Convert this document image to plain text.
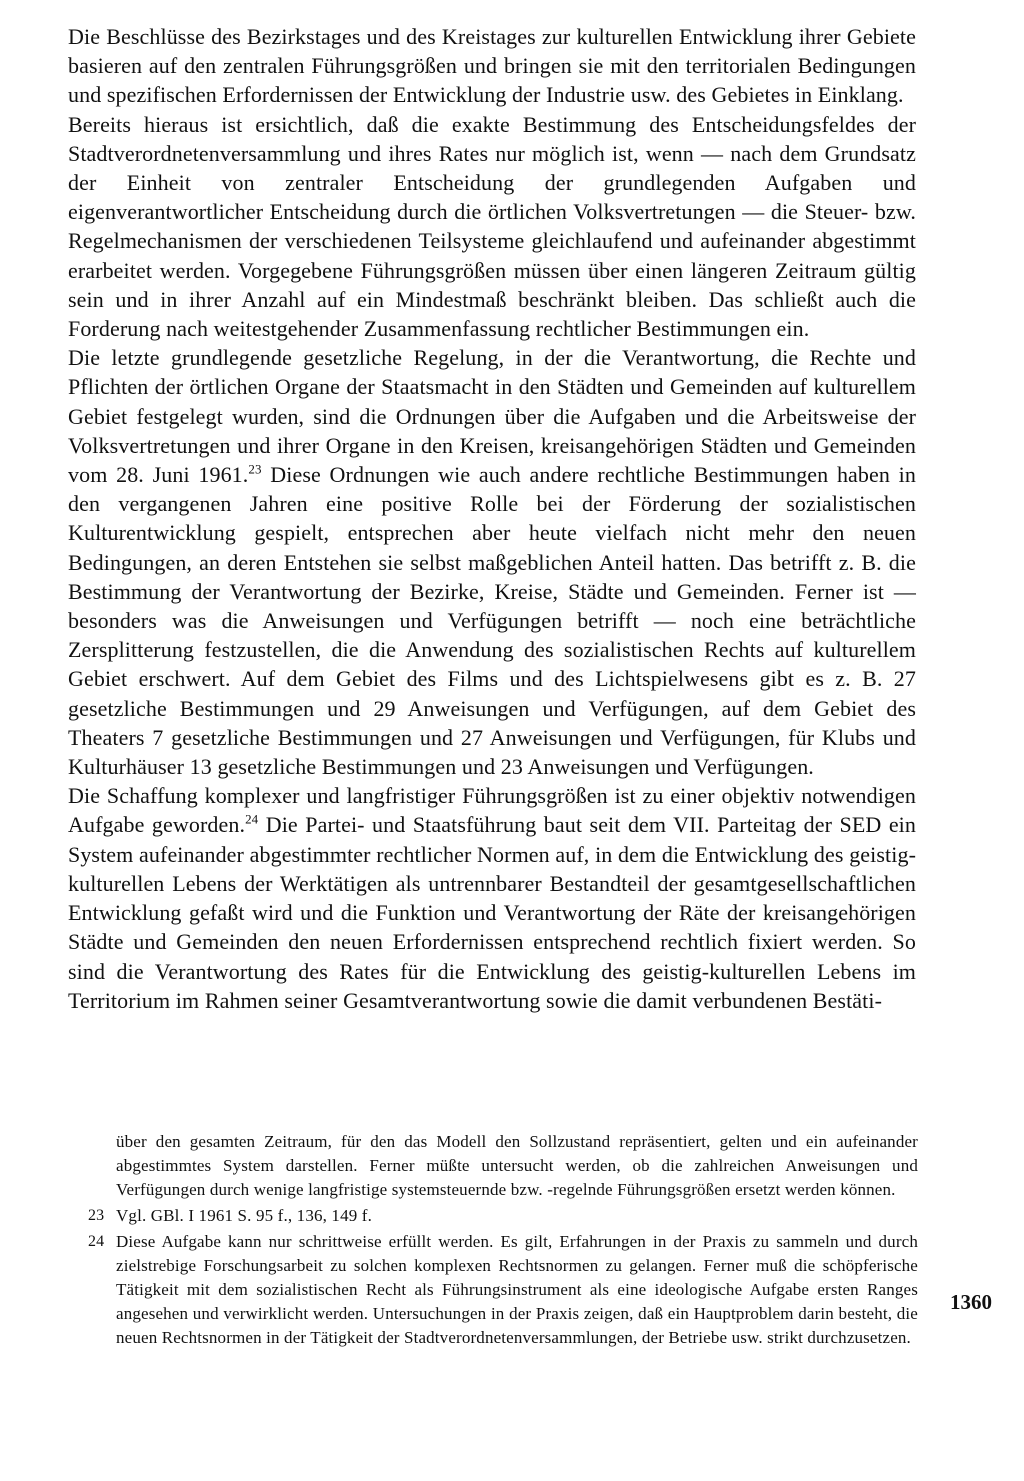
Die Beschlüsse des Bezirkstages und des Kreistages zur kulturellen Entwicklung ihrer Gebiete basieren auf den zentralen Führungsgrößen und bringen sie mit den territorialen Bedingungen und spezifischen Erfordernissen der Entwicklung der Industrie usw. des Gebietes in Einklang.

Bereits hieraus ist ersichtlich, daß die exakte Bestimmung des Entscheidungsfeldes der Stadtverordnetenversammlung und ihres Rates nur möglich ist, wenn — nach dem Grundsatz der Einheit von zentraler Entscheidung der grundlegenden Aufgaben und eigenverantwortlicher Entscheidung durch die örtlichen Volksvertretungen — die Steuer- bzw. Regelmechanismen der verschiedenen Teilsysteme gleichlaufend und aufeinander abgestimmt erarbeitet werden. Vorgegebene Führungsgrößen müssen über einen längeren Zeitraum gültig sein und in ihrer Anzahl auf ein Mindestmaß beschränkt bleiben. Das schließt auch die Forderung nach weitestgehender Zusammenfassung rechtlicher Bestimmungen ein.

Die letzte grundlegende gesetzliche Regelung, in der die Verantwortung, die Rechte und Pflichten der örtlichen Organe der Staatsmacht in den Städten und Gemeinden auf kulturellem Gebiet festgelegt wurden, sind die Ordnungen über die Aufgaben und die Arbeitsweise der Volksvertretungen und ihrer Organe in den Kreisen, kreisangehörigen Städten und Gemeinden vom 28. Juni 1961.23 Diese Ordnungen wie auch andere rechtliche Bestimmungen haben in den vergangenen Jahren eine positive Rolle bei der Förderung der sozialistischen Kulturentwicklung gespielt, entsprechen aber heute vielfach nicht mehr den neuen Bedingungen, an deren Entstehen sie selbst maßgeblichen Anteil hatten. Das betrifft z. B. die Bestimmung der Verantwortung der Bezirke, Kreise, Städte und Gemeinden. Ferner ist — besonders was die Anweisungen und Verfügungen betrifft — noch eine beträchtliche Zersplitterung festzustellen, die die Anwendung des sozialistischen Rechts auf kulturellem Gebiet erschwert. Auf dem Gebiet des Films und des Lichtspielwesens gibt es z. B. 27 gesetzliche Bestimmungen und 29 Anweisungen und Verfügungen, auf dem Gebiet des Theaters 7 gesetzliche Bestimmungen und 27 Anweisungen und Verfügungen, für Klubs und Kulturhäuser 13 gesetzliche Bestimmungen und 23 Anweisungen und Verfügungen.

Die Schaffung komplexer und langfristiger Führungsgrößen ist zu einer objektiv notwendigen Aufgabe geworden.$^{24}$ Die Partei- und Staatsführung baut seit dem VII. Parteitag der SED ein System aufeinander abgestimmter rechtlicher Normen auf, in dem die Entwicklung des geistig-kulturellen Lebens der Werktätigen als untrennbarer Bestandteil der gesamtgesellschaftlichen Entwicklung gefaßt wird und die Funktion und Verantwortung der Räte der kreisangehörigen Städte und Gemeinden den neuen Erfordernissen entsprechend rechtlich fixiert werden. So sind die Verantwortung des Rates für die Entwicklung des geistig-kulturellen Lebens im Territorium im Rahmen seiner Gesamtverantwortung sowie die damit verbundenen Bestäti-

über den gesamten Zeitraum, für den das Modell den Sollzustand repräsentiert, gelten und ein aufeinander abgestimmtes System darstellen. Ferner müßte untersucht werden, ob die zahlreichen Anweisungen und Verfügungen durch wenige langfristige systemsteuernde bzw. -regelnde Führungsgrößen ersetzt werden können.

23 Vgl. GBl. I 1961 S. 95 f., 136, 149 f.

24 Diese Aufgabe kann nur schrittweise erfüllt werden. Es gilt, Erfahrungen in der Praxis zu sammeln und durch zielstrebige Forschungsarbeit zu solchen komplexen Rechtsnormen zu gelangen. Ferner muß die schöpferische Tätigkeit mit dem sozialistischen Recht als Führungsinstrument als eine ideologische Aufgabe ersten Ranges angesehen und verwirklicht werden. Untersuchungen in der Praxis zeigen, daß ein Hauptproblem darin besteht, die neuen Rechtsnormen in der Tätigkeit der Stadtverordnetenversammlungen, der Betriebe usw. strikt durchzusetzen.

1360
